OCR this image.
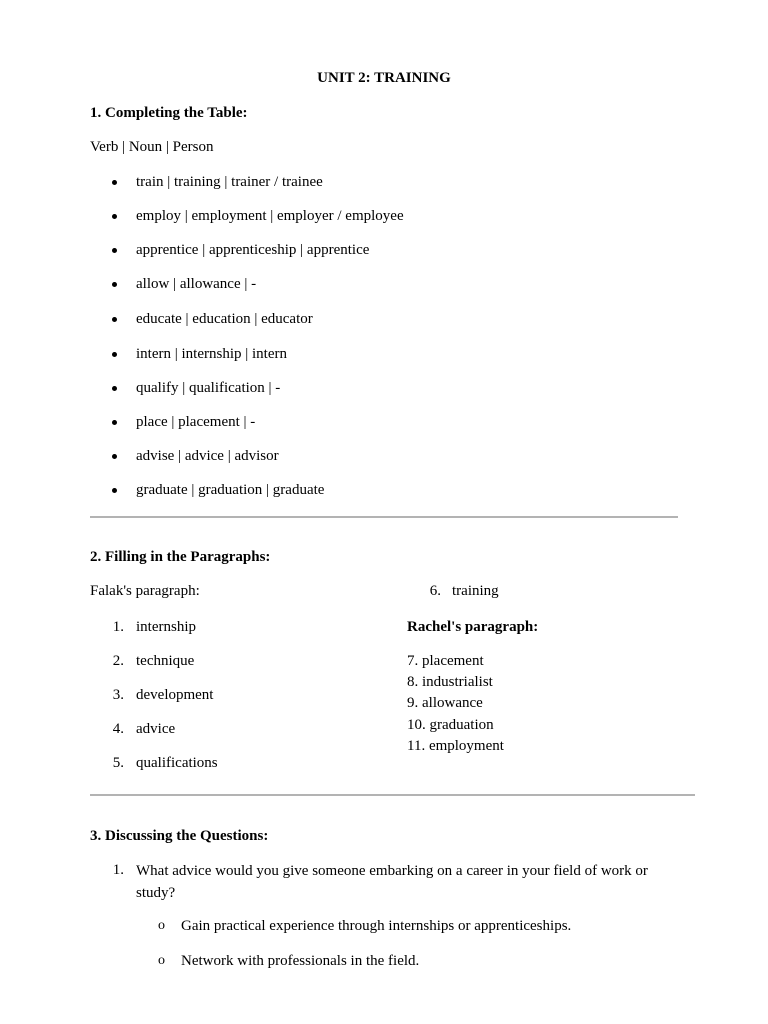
UNIT 2: TRAINING
1. Completing the Table:
Verb | Noun | Person
train | training | trainer / trainee
employ | employment | employer / employee
apprentice | apprenticeship | apprentice
allow | allowance | -
educate | education | educator
intern | internship | intern
qualify | qualification | -
place | placement | -
advise | advice | advisor
graduate | graduation | graduate
2. Filling in the Paragraphs:
Falak's paragraph:
1. internship
2. technique
3. development
4. advice
5. qualifications
6. training
Rachel's paragraph:
7. placement
8. industrialist
9. allowance
10. graduation
11. employment
3. Discussing the Questions:
1. What advice would you give someone embarking on a career in your field of work or study?
o Gain practical experience through internships or apprenticeships.
o Network with professionals in the field.
